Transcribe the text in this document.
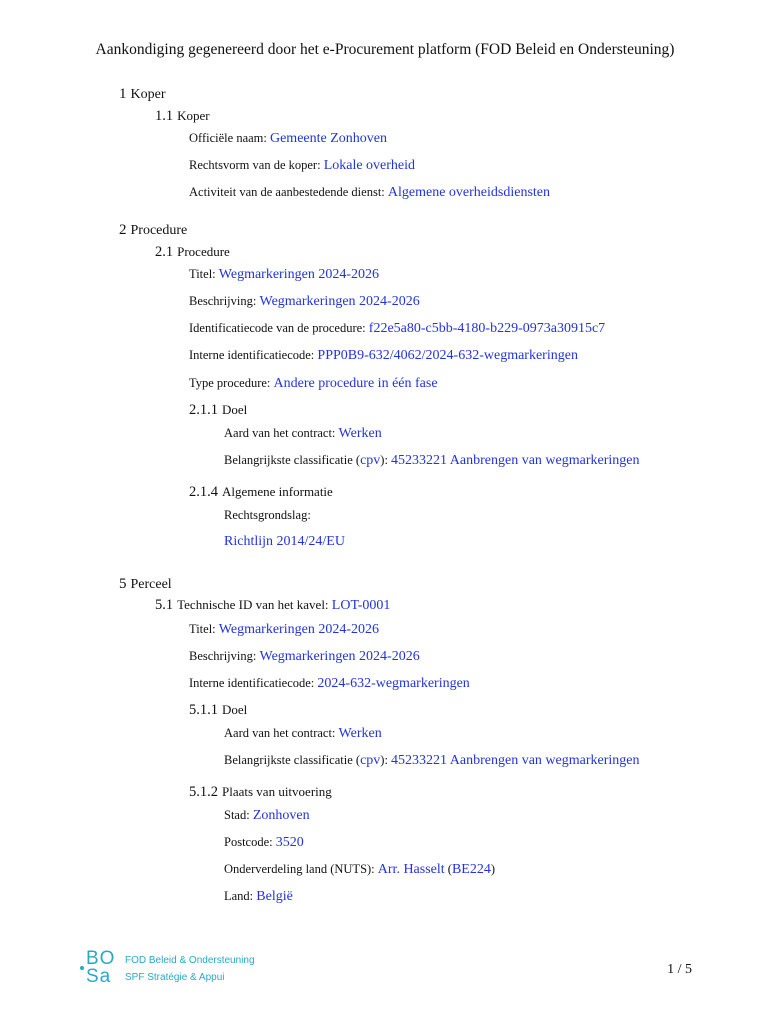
Aankondiging gegenereerd door het e-Procurement platform (FOD Beleid en Ondersteuning)
1 Koper
1.1 Koper
Officiële naam: Gemeente Zonhoven
Rechtsvorm van de koper: Lokale overheid
Activiteit van de aanbestedende dienst: Algemene overheidsdiensten
2 Procedure
2.1 Procedure
Titel: Wegmarkeringen 2024-2026
Beschrijving: Wegmarkeringen 2024-2026
Identificatiecode van de procedure: f22e5a80-c5bb-4180-b229-0973a30915c7
Interne identificatiecode: PPP0B9-632/4062/2024-632-wegmarkeringen
Type procedure: Andere procedure in één fase
2.1.1 Doel
Aard van het contract: Werken
Belangrijkste classificatie (cpv): 45233221 Aanbrengen van wegmarkeringen
2.1.4 Algemene informatie
Rechtsgrondslag:
Richtlijn 2014/24/EU
5 Perceel
5.1 Technische ID van het kavel: LOT-0001
Titel: Wegmarkeringen 2024-2026
Beschrijving: Wegmarkeringen 2024-2026
Interne identificatiecode: 2024-632-wegmarkeringen
5.1.1 Doel
Aard van het contract: Werken
Belangrijkste classificatie (cpv): 45233221 Aanbrengen van wegmarkeringen
5.1.2 Plaats van uitvoering
Stad: Zonhoven
Postcode: 3520
Onderverdeling land (NUTS): Arr. Hasselt (BE224)
Land: België
BO
Sa
FOD Beleid & Ondersteuning
SPF Stratégie & Appui
1 / 5
